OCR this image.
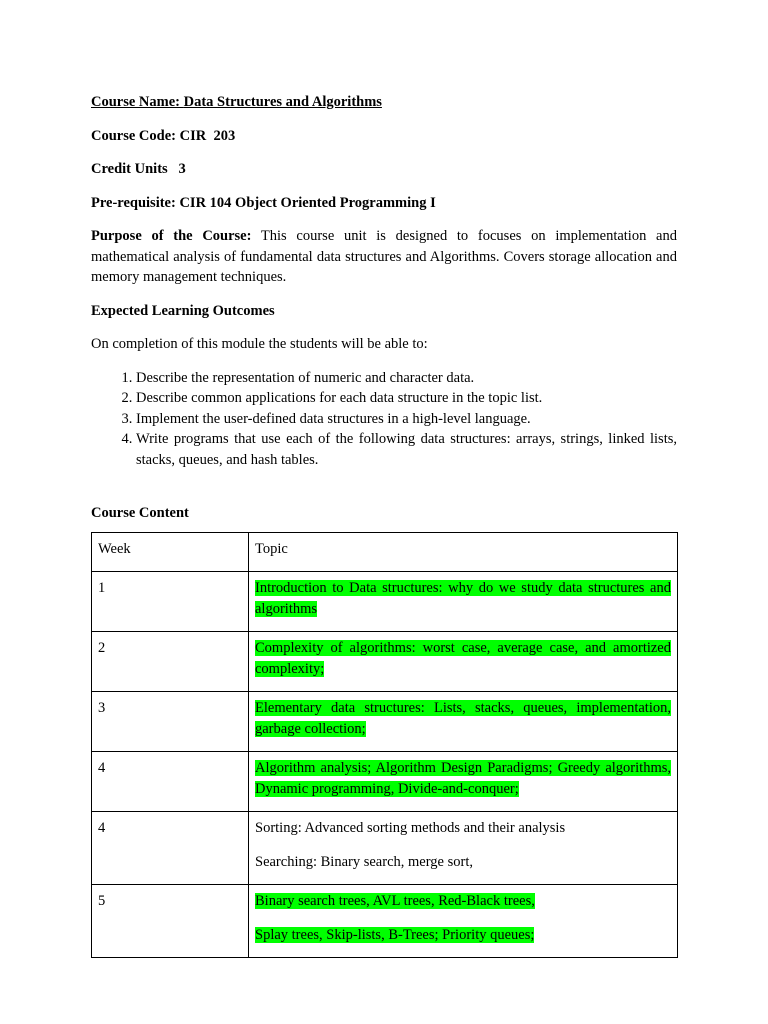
Course Name: Data Structures and Algorithms

Course Code: CIR  203

Credit Units 3

Pre-requisite: CIR 104 Object Oriented Programming I

Purpose of the Course: This course unit is designed to focuses on implementation and mathematical analysis of fundamental data structures and Algorithms. Covers storage allocation and memory management techniques.

Expected Learning Outcomes

On completion of this module the students will be able to:

1. Describe the representation of numeric and character data.
2. Describe common applications for each data structure in the topic list.
3. Implement the user-defined data structures in a high-level language.
4. Write programs that use each of the following data structures: arrays, strings, linked lists, stacks, queues, and hash tables.

Course Content

Week	Topic
1	Introduction to Data structures: why do we study data structures and algorithms

2	Complexity of algorithms: worst case, average case, and amortized complexity;

3	Elementary data structures: Lists, stacks, queues, implementation, garbage collection;

4	Algorithm analysis; Algorithm Design Paradigms; Greedy algorithms, Dynamic programming, Divide-and-conquer;

4	Sorting: Advanced sorting methods and their analysis

Searching: Binary search, merge sort,

5	Binary search trees, AVL trees, Red-Black trees,

Splay trees, Skip-lists, B-Trees; Priority queues;
